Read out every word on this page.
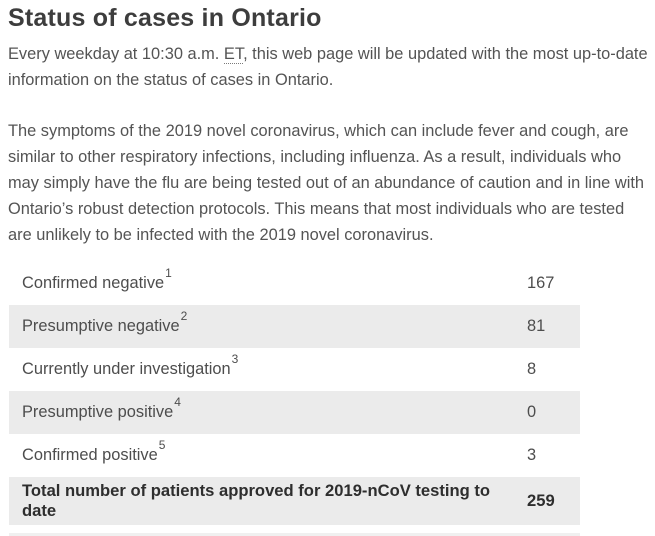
Status of cases in Ontario

Every weekday at 10:30 a.m. ET, this web page will be updated with the most up-to-date information on the status of cases in Ontario.

The symptoms of the 2019 novel coronavirus, which can include fever and cough, are similar to other respiratory infections, including influenza. As a result, individuals who may simply have the flu are being tested out of an abundance of caution and in line with Ontario’s robust detection protocols. This means that most individuals who are tested are unlikely to be infected with the 2019 novel coronavirus.

Confirmed negative$^1$
167
Presumptive negative$^2$
81
Currently under investigation$^3$
8
Presumptive positive$^4$
0
Confirmed positive$^5$
3
Total number of patients approved for 2019-nCoV testing to date
259
